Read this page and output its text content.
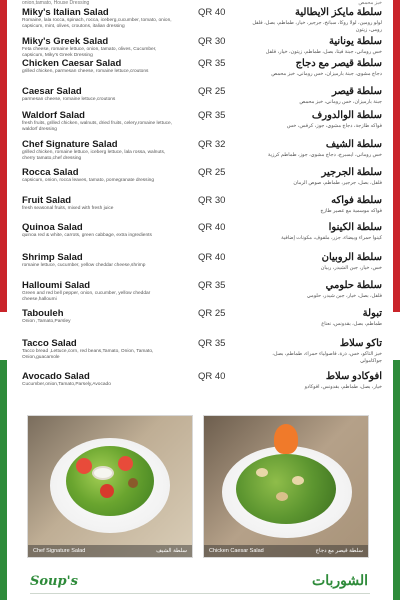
onion,tamato, House Dressing	خبز محمص
Miky's Italian Salad	QR 40
Romaine, lala rocca, spinach, rocca, iceberg,cucumber, tomato, onion, capsicum, mint, olives, croutons, italian dressing
سلطة مايكز الايطالية
لولو رومين، لولا روكا، سبانخ، جرجير، خيار، طماطم، بصل، فلفل رومي، زيتون
Miky's Greek Salad	QR 30
Feta cheese, romaine lettuce, onion, tamato, olives, Cucumber, capsicum, Miky's Greek Dressing
سلطة يونانية
خس روماني، جبنة فيتا، بصل، طماطم، زيتون، خيار، فلفل
Chicken Caesar Salad	QR 35
grilled chicken, parmesan cheese, romaine lettuce,croutons
سلطة قيصر مع دجاج
دجاج مشوي، جبنة بارميزان، خس روماني، خبز محمص
Caesar Salad	QR 25
parmesan cheese, romaine lettuce,croutons
سلطة قيصر
جبنة بارميزان، خس روماني، خبز محمص
Waldorf Salad	QR 35
fresh fruits, grilled chicken, walnuts, dried fruits, celery,romaine lettuce, waldorf dressing
سلطة الوالدورف
فواكه طازجة، دجاج مشوي، جوز، كرفس، خس
Chef Signature Salad	QR 32
grilled chicken, romaine lettuce, iceberg lettuce, lala rossa, walnuts, cherry tamato,chef dressing
سلطة الشيف
خس روماني، ايسبرج، دجاج مشوي، جوز، طماطم كرزية
Rocca Salad	QR 25
capsicum, onion, rocca leaves, tamato, pomegranate dressing
سلطة الجرجير
فلفل، بصل، جرجير، طماطم، صوص الرمان
Fruit Salad	QR 30
fresh seasonal fruits, mixed with fresh juice
سلطة فواكه
فواكه موسمية مع عصير طازج
Quinoa Salad	QR 40
quinoa red & white, carrots, green cabbage, extra ingredients
سلطة الكينوا
كينوا حمراء وبيضاء، جزر، ملفوف، مكونات إضافية
Shrimp Salad	QR 40
romaine lettuce, cucumber, yellow cheddar cheese,shrimp
سلطة الروبيان
خس، خيار، جبن الشيدر، ربيان
Halloumi Salad	QR 35
Green and red bell pepper, onion, cucumber, yellow cheddar cheese,halloumi
سلطة حلومي
فلفل، بصل، خيار، جبن شيدر، حلومي
Tabouleh	QR 25
Onion ,Tamato,Parsley
تبولة
طماطم، بصل، بقدونس، نعناع
Tacco Salad	QR 35
Tacco bread ,Lettuce,corn, red beans,Tamato, Onion, Tamato, Onion,guacamole
تاكو سلاط
خبز التاكو، خس، ذرة، فاصولياء حمراء، طماطم، بصل، جواكامولي
Avocado Salad	QR 40
Cucumber,onion,Tamato,Parsely,Avocado
افوكادو سلاط
خيار، بصل، طماطم، بقدونس، افوكادو
Chef Signature Salad	سلطة الشيف	Chicken Caesar Salad	سلطة قيصر مع دجاج
Soup's	الشوربات
